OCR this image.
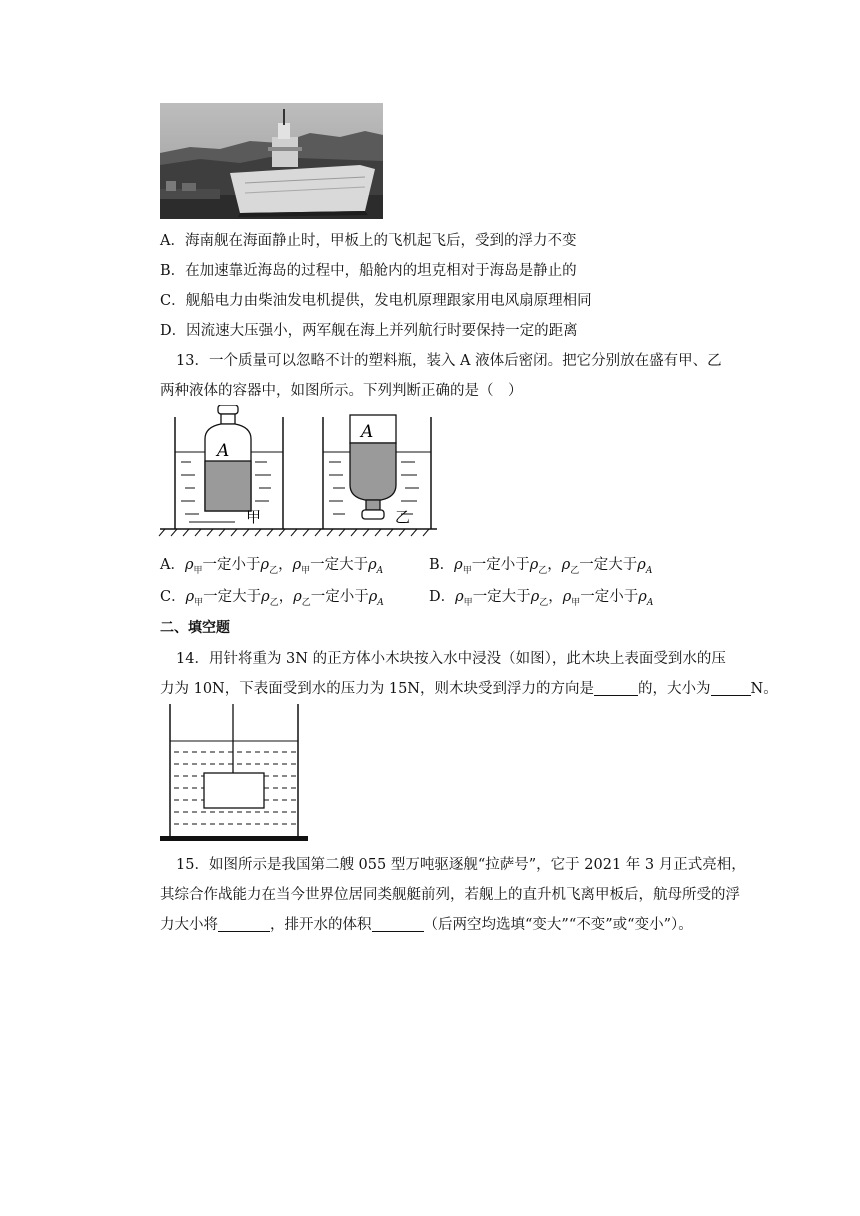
A．海南舰在海面静止时，甲板上的飞机起飞后，受到的浮力不变
B．在加速靠近海岛的过程中，船舱内的坦克相对于海岛是静止的
C．舰船电力由柴油发电机提供，发电机原理跟家用电风扇原理相同
D．因流速大压强小，两军舰在海上并列航行时要保持一定的距离
13．一个质量可以忽略不计的塑料瓶，装入 A 液体后密闭。把它分别放在盛有甲、乙
两种液体的容器中，如图所示。下列判断正确的是（　）
A
甲
A
乙
A．$\rho_甲$一定小于$\rho_乙$，$\rho_甲$一定大于$\rho_A$	B．$\rho_甲$一定小于$\rho_乙$，$\rho_乙$一定大于$\rho_A$
C．$\rho_甲$一定大于$\rho_乙$，$\rho_乙$一定小于$\rho_A$	D．$\rho_甲$一定大于$\rho_乙$，$\rho_甲$一定小于$\rho_A$
二、填空题
14．用针将重为 3N 的正方体小木块按入水中浸没（如图），此木块上表面受到水的压
力为 10N，下表面受到水的压力为 15N，则木块受到浮力的方向是	的，大小为	N。
15．如图所示是我国第二艘 055 型万吨驱逐舰“拉萨号”，它于 2021 年 3 月正式亮相，
其综合作战能力在当今世界位居同类舰艇前列，若舰上的直升机飞离甲板后，航母所受的浮
力大小将	，排开水的体积	（后两空均选填“变大”“不变”或“变小”）。
